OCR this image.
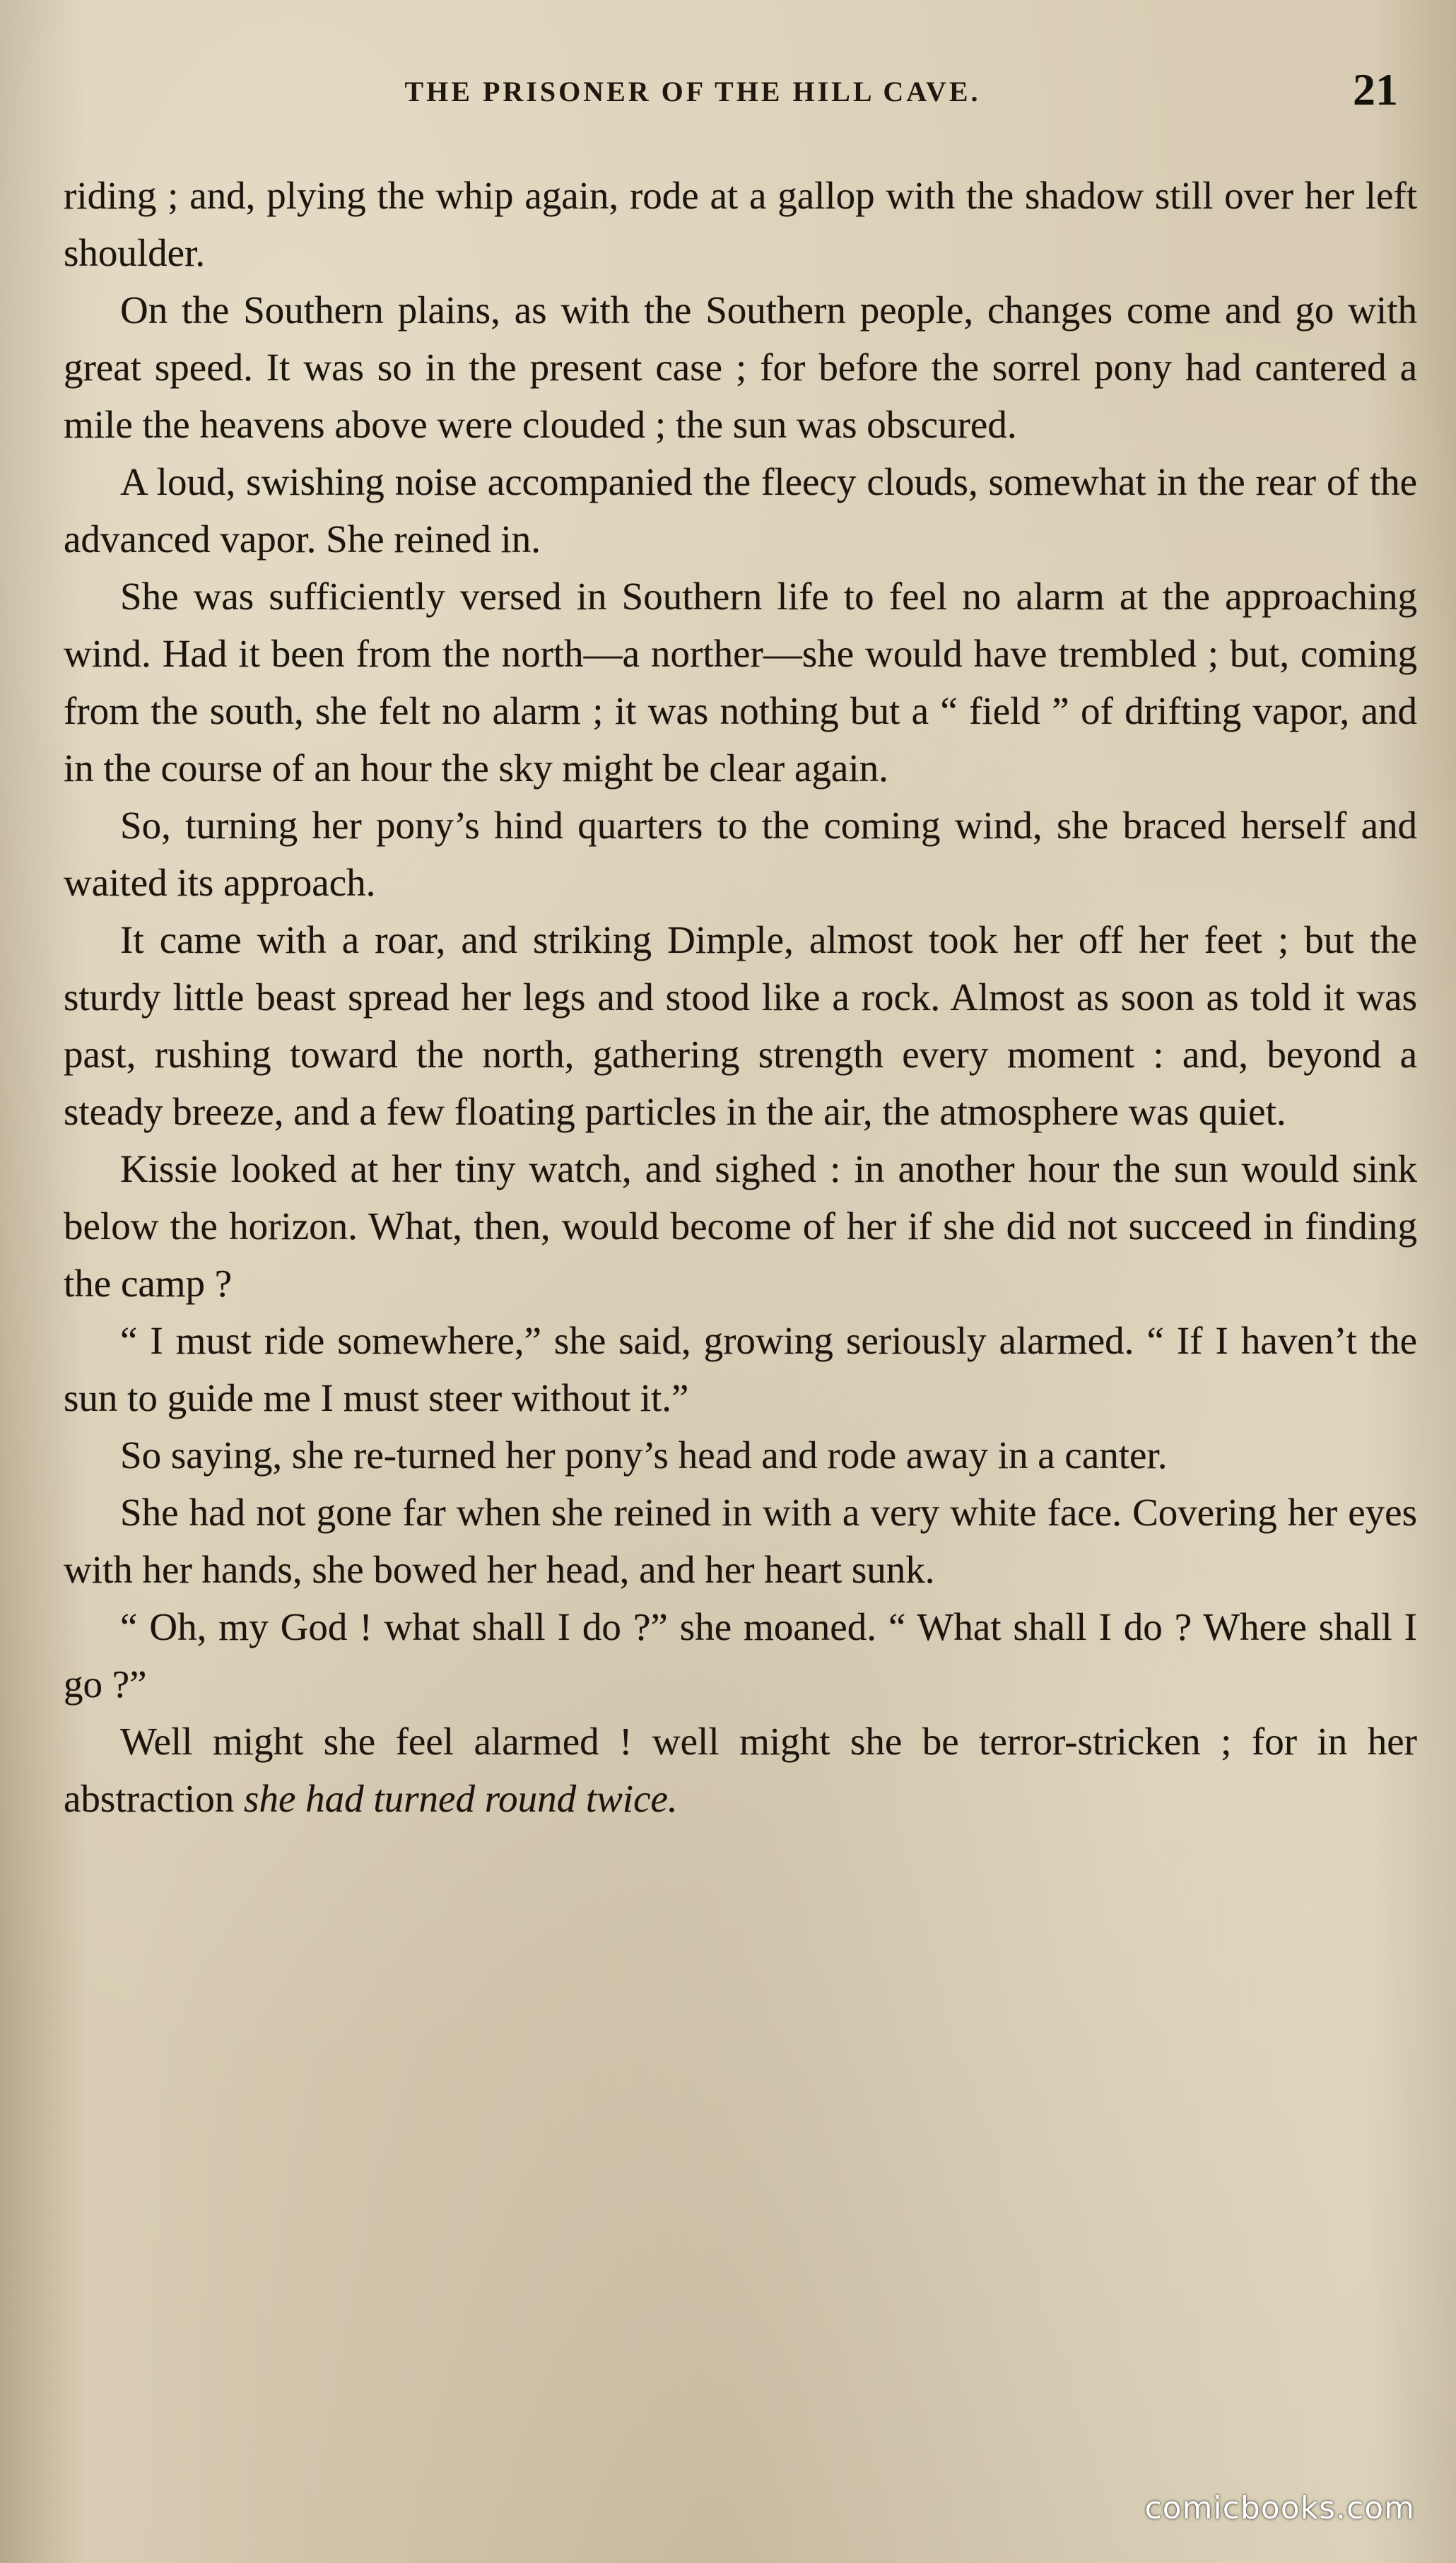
THE PRISONER OF THE HILL CAVE.	21

riding ; and, plying the whip again, rode at a gallop with the shadow still over her left shoulder.

On the Southern plains, as with the Southern people, changes come and go with great speed. It was so in the present case ; for before the sorrel pony had cantered a mile the heavens above were clouded ; the sun was obscured.

A loud, swishing noise accompanied the fleecy clouds, somewhat in the rear of the advanced vapor. She reined in.

She was sufficiently versed in Southern life to feel no alarm at the approaching wind. Had it been from the north—a norther—she would have trembled ; but, coming from the south, she felt no alarm ; it was nothing but a “ field ” of drifting vapor, and in the course of an hour the sky might be clear again.

So, turning her pony’s hind quarters to the coming wind, she braced herself and waited its approach.

It came with a roar, and striking Dimple, almost took her off her feet ; but the sturdy little beast spread her legs and stood like a rock. Almost as soon as told it was past, rushing toward the north, gathering strength every moment : and, beyond a steady breeze, and a few floating particles in the air, the atmosphere was quiet.

Kissie looked at her tiny watch, and sighed : in another hour the sun would sink below the horizon. What, then, would become of her if she did not succeed in finding the camp ?

“ I must ride somewhere,” she said, growing seriously alarmed. “ If I haven’t the sun to guide me I must steer without it.”

So saying, she re-turned her pony’s head and rode away in a canter.

She had not gone far when she reined in with a very white face. Covering her eyes with her hands, she bowed her head, and her heart sunk.

“ Oh, my God ! what shall I do ?” she moaned. “ What shall I do ? Where shall I go ?”

Well might she feel alarmed ! well might she be terror-stricken ; for in her abstraction she had turned round twice.

comicbooks.com
